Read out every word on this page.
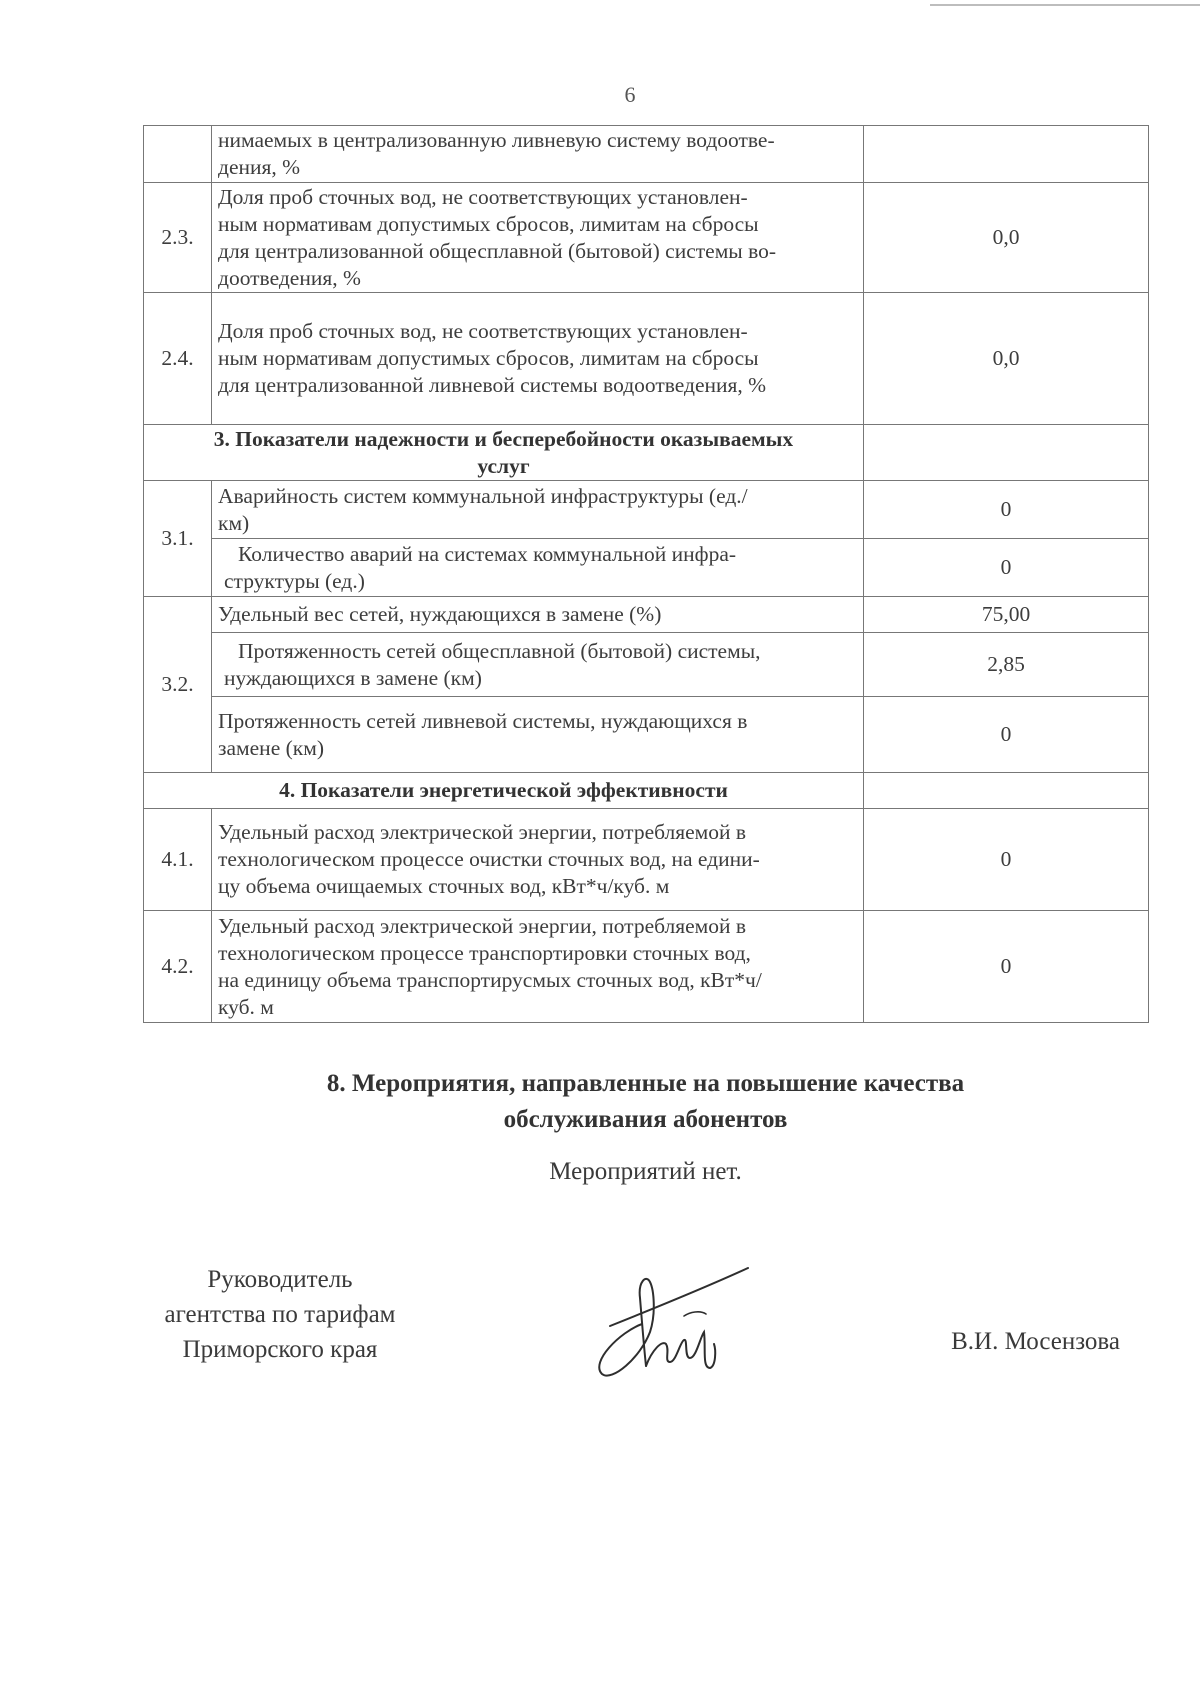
6

	нимаемых в централизованную ливневую систему водоотве-
дения, %	

2.3.	Доля проб сточных вод, не соответствующих установлен-
ным нормативам допустимых сбросов, лимитам на сбросы
для централизованной общесплавной (бытовой) системы во-
доотведения, %	0,0
2.4.	Доля проб сточных вод, не соответствующих установлен-
ным нормативам допустимых сбросов, лимитам на сбросы
для централизованной ливневой системы водоотведения, %	0,0

3. Показатели надежности и бесперебойности оказываемых
услуг		

3.1.	Аварийность систем коммунальной инфраструктуры (ед./
км)	0

	Количество аварий на системах коммунальной инфра-
структуры (ед.)	0
3.2.	Удельный вес сетей, нуждающихся в замене (%)	75,00

	Протяженность сетей общесплавной (бытовой) системы,
нуждающихся в замене (км)	2,85

	Протяженность сетей ливневой системы, нуждающихся в
замене (км)	0
4. Показатели энергетической эффективности		
4.1.	Удельный расход электрической энергии, потребляемой в
технологическом процессе очистки сточных вод, на едини-
цу объема очищаемых сточных вод, кВт*ч/куб. м	0
4.2.	Удельный расход электрической энергии, потребляемой в
технологическом процессе транспортировки сточных вод,
на единицу объема транспортирусмых сточных вод, кВт*ч/
куб. м	0
8. Мероприятия, направленные на повышение качества
обслуживания абонентов
Мероприятий нет.
Руководитель
агентства по тарифам
Приморского края	В.И. Мосензова
